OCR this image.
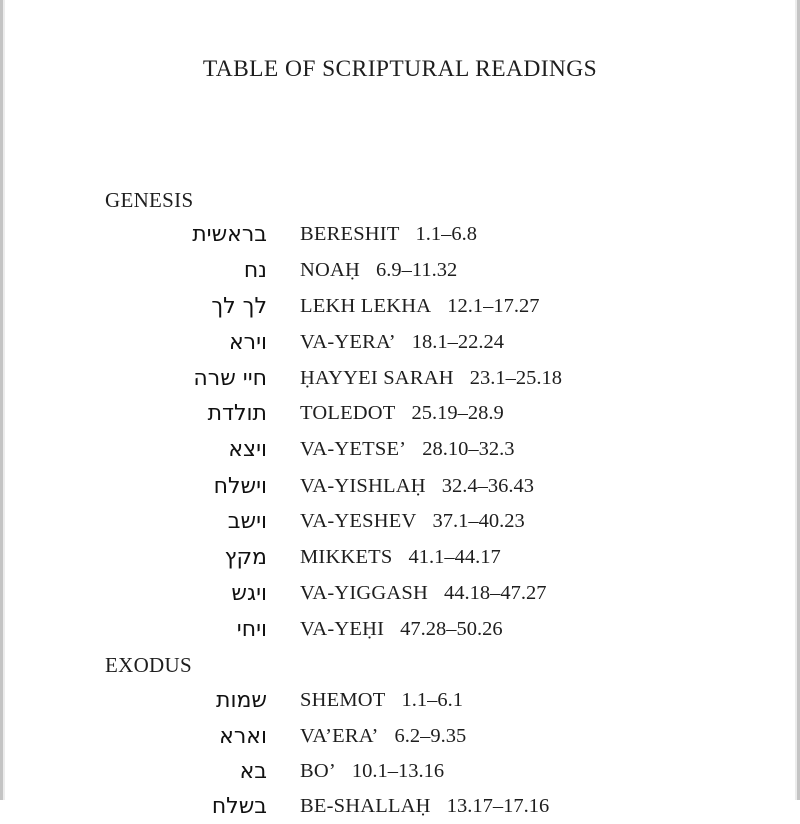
TABLE OF SCRIPTURAL READINGS
GENESIS
בראשית BERESHIT 1.1–6.8
נח NOAḤ 6.9–11.32
לך לך LEKH LEKHA 12.1–17.27
וירא VA-YERA’ 18.1–22.24
חיי שרה ḤAYYEI SARAH 23.1–25.18
תולדת TOLEDOT 25.19–28.9
ויצא VA-YETSE’ 28.10–32.3
וישלח VA-YISHLAḤ 32.4–36.43
וישב VA-YESHEV 37.1–40.23
מקץ MIKKETS 41.1–44.17
ויגש VA-YIGGASH 44.18–47.27
ויחי VA-YEḤI 47.28–50.26
EXODUS
שמות SHEMOT 1.1–6.1
וארא VA’ERA’ 6.2–9.35
בא BO’ 10.1–13.16
בשלח BE-SHALLAḤ 13.17–17.16
